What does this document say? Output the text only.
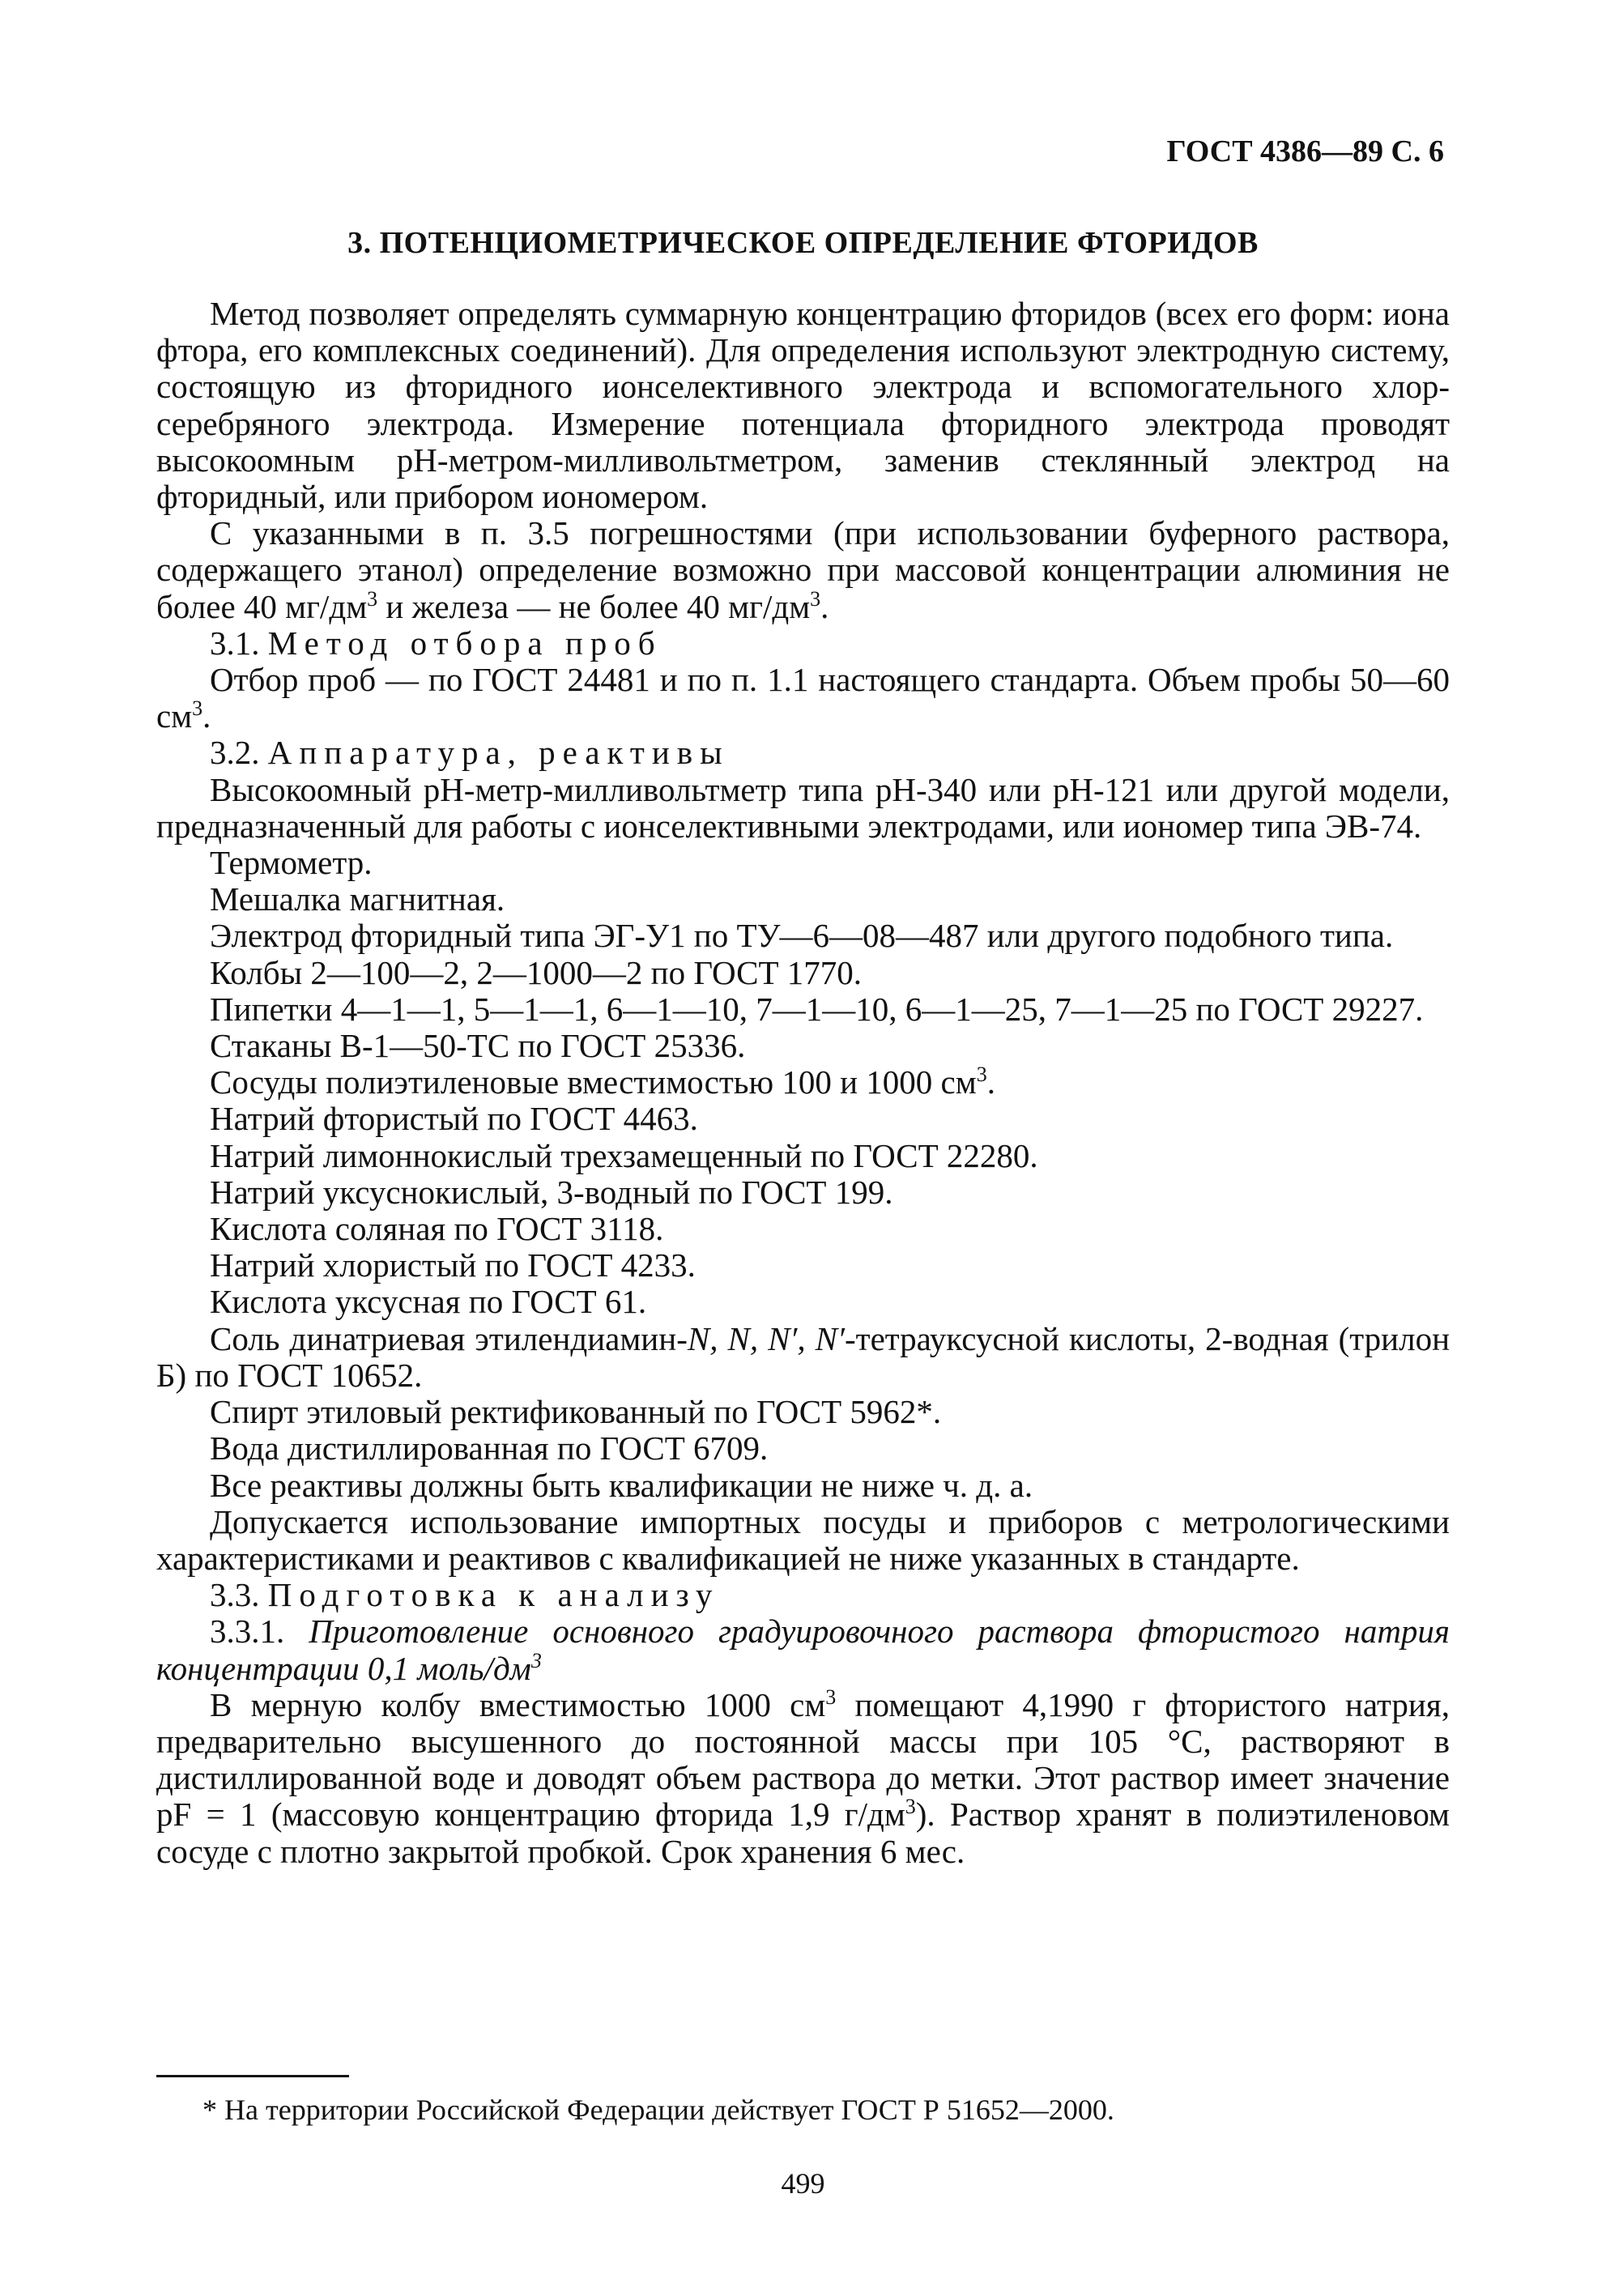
ГОСТ 4386—89 С. 6
3. ПОТЕНЦИОМЕТРИЧЕСКОЕ ОПРЕДЕЛЕНИЕ ФТОРИДОВ

Метод позволяет определять суммарную концентрацию фторидов (всех его форм: иона фтора, его комплексных соединений). Для определения используют электродную систему, состоящую из фторидного ионселективного электрода и вспомогательного хлор-серебряного электрода. Измерение потенциала фторидного электрода проводят высокоомным pH-метром-милливольтметром, заменив стеклянный электрод на фторидный, или прибором иономером.

С указанными в п. 3.5 погрешностями (при использовании буферного раствора, содержащего этанол) определение возможно при массовой концентрации алюминия не более 40 $мг/дм^3$ и железа — не более 40 $мг/дм^3$.

3.1. Метод отбора проб

Отбор проб — по ГОСТ 24481 и по п. 1.1 настоящего стандарта. Объем пробы 50—60 $см^3$.

3.2. Аппаратура, реактивы

Высокоомный pH-метр-милливольтметр типа pH-340 или pH-121 или другой модели, предназначенный для работы с ионселективными электродами, или иономер типа ЭВ-74.

Термометр.

Мешалка магнитная.

Электрод фторидный типа ЭГ-У1 по ТУ—6—08—487 или другого подобного типа.

Колбы 2—100—2, 2—1000—2 по ГОСТ 1770.

Пипетки 4—1—1, 5—1—1, 6—1—10, 7—1—10, 6—1—25, 7—1—25 по ГОСТ 29227.

Стаканы В-1—50-ТС по ГОСТ 25336.

Сосуды полиэтиленовые вместимостью 100 и 1000 $см^3$.

Натрий фтористый по ГОСТ 4463.

Натрий лимоннокислый трехзамещенный по ГОСТ 22280.

Натрий уксуснокислый, 3-водный по ГОСТ 199.

Кислота соляная по ГОСТ 3118.

Натрий хлористый по ГОСТ 4233.

Кислота уксусная по ГОСТ 61.

Соль динатриевая этилендиамин-N, N, N′, N′-тетрауксусной кислоты, 2-водная (трилон Б) по ГОСТ 10652.

Спирт этиловый ректификованный по ГОСТ 5962*.

Вода дистиллированная по ГОСТ 6709.

Все реактивы должны быть квалификации не ниже ч. д. а.

Допускается использование импортных посуды и приборов с метрологическими характеристиками и реактивов с квалификацией не ниже указанных в стандарте.

3.3. Подготовка к анализу

3.3.1. Приготовление основного градуировочного раствора фтористого натрия концентрации 0,1 моль/$дм^3$

В мерную колбу вместимостью 1000 $см^3$ помещают 4,1990 г фтористого натрия, предварительно высушенного до постоянной массы при 105 °С, растворяют в дистиллированной воде и доводят объем раствора до метки. Этот раствор имеет значение pF = 1 (массовую концентрацию фторида 1,9 $г/дм^3$). Раствор хранят в полиэтиленовом сосуде с плотно закрытой пробкой. Срок хранения 6 мес.

* На территории Российской Федерации действует ГОСТ Р 51652—2000.
499
